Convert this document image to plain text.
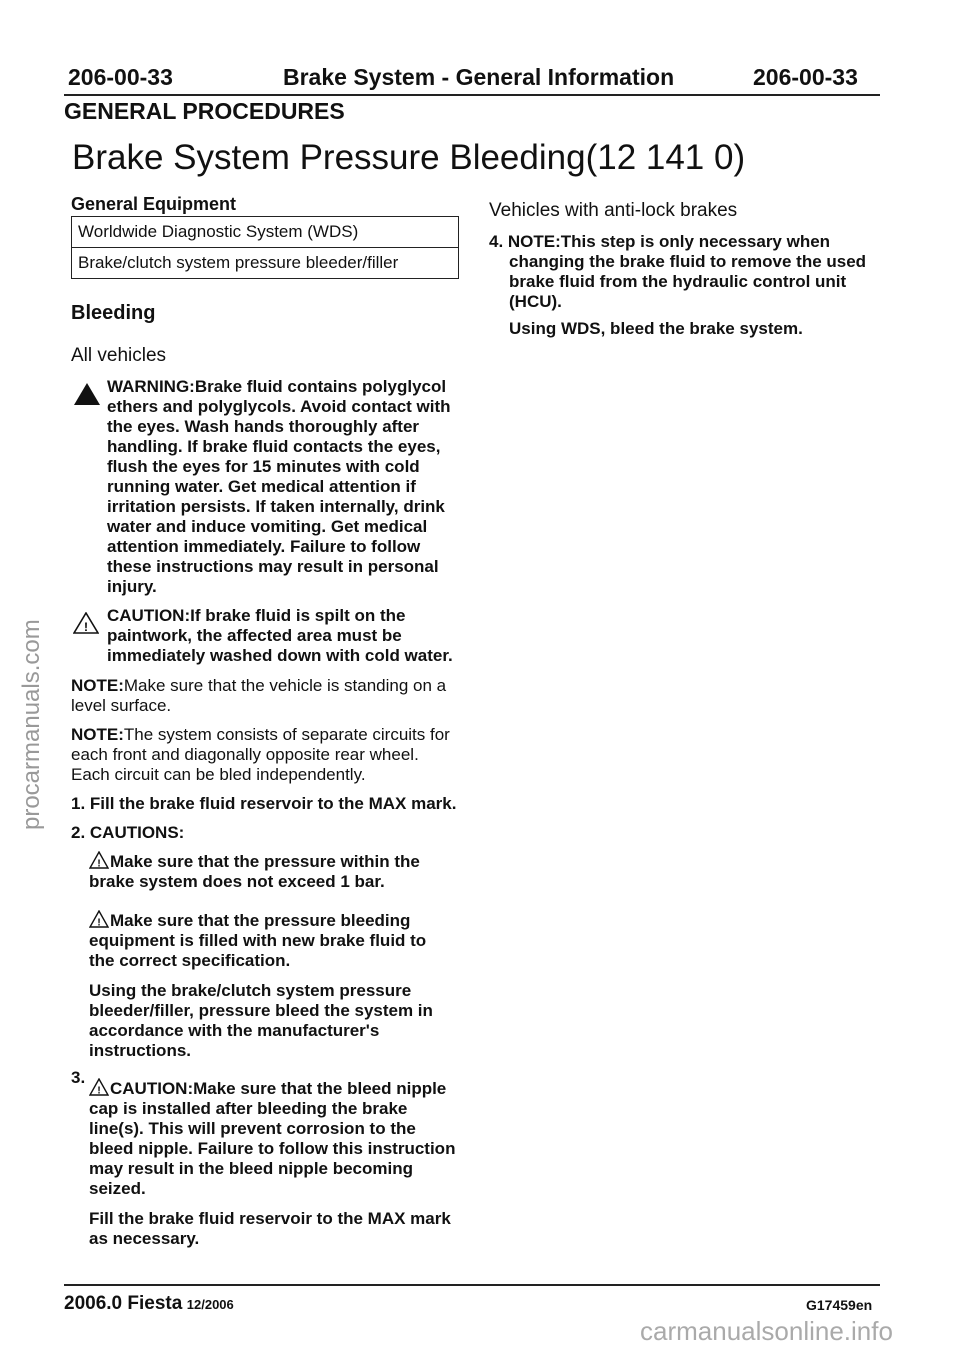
206-00-33	Brake System - General Information	206-00-33
GENERAL PROCEDURES
Brake System Pressure Bleeding(12 141 0)
General Equipment
Worldwide Diagnostic System (WDS)
Brake/clutch system pressure bleeder/filler
Bleeding
All vehicles
WARNING:Brake fluid contains polyglycol
ethers and polyglycols. Avoid contact with
the eyes. Wash hands thoroughly after
handling. If brake fluid contacts the eyes,
flush the eyes for 15 minutes with cold
running water. Get medical attention if
irritation persists. If taken internally, drink
water and induce vomiting. Get medical
attention immediately. Failure to follow
these instructions may result in personal
injury.
!
CAUTION:If brake fluid is spilt on the
paintwork, the affected area must be
immediately washed down with cold water.
NOTE:Make sure that the vehicle is standing on a
level surface.
NOTE:The system consists of separate circuits for
each front and diagonally opposite rear wheel.
Each circuit can be bled independently.
1. Fill the brake fluid reservoir to the MAX mark.
2. CAUTIONS:
! Make sure that the pressure within the
brake system does not exceed 1 bar.
! Make sure that the pressure bleeding
equipment is filled with new brake fluid to
the correct specification.
Using the brake/clutch system pressure
bleeder/filler, pressure bleed the system in
accordance with the manufacturer's
instructions.
3.
! CAUTION:Make sure that the bleed nipple
cap is installed after bleeding the brake
line(s). This will prevent corrosion to the
bleed nipple. Failure to follow this instruction
may result in the bleed nipple becoming
seized.
Fill the brake fluid reservoir to the MAX mark
as necessary.
Vehicles with anti-lock brakes
4. NOTE:This step is only necessary when
changing the brake fluid to remove the used
brake fluid from the hydraulic control unit
(HCU).
Using WDS, bleed the brake system.
2006.0 Fiesta 12/2006	G17459en
procarmanuals.com
carmanualsonline.info
